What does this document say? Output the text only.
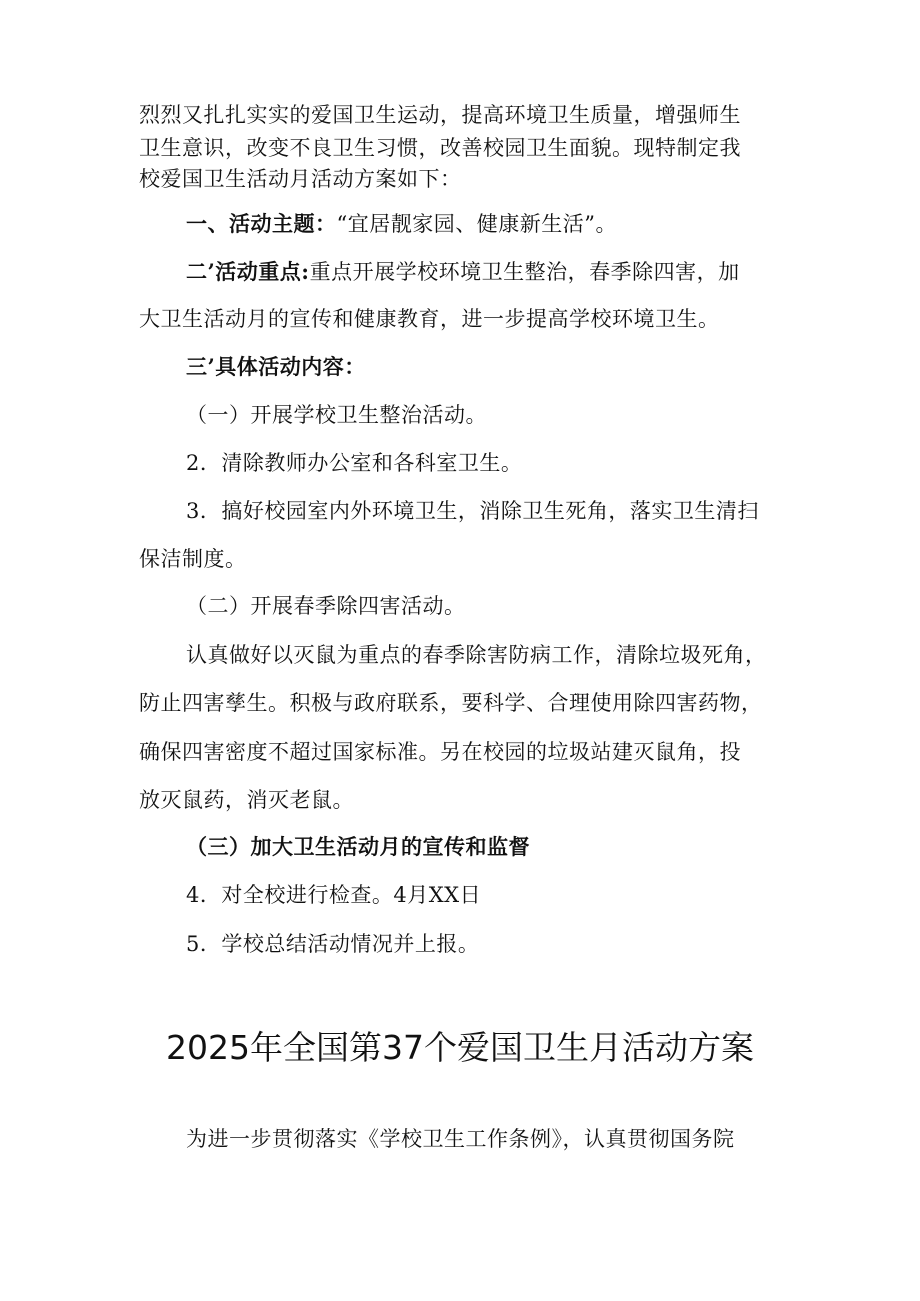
烈烈又扎扎实实的爱国卫生运动，提高环境卫生质量，增强师生
卫生意识，改变不良卫生习惯，改善校园卫生面貌。现特制定我
校爱国卫生活动月活动方案如下：
一、活动主题：“宜居靓家园、健康新生活”。
二’活动重点:重点开展学校环境卫生整治，春季除四害，加
大卫生活动月的宣传和健康教育，进一步提高学校环境卫生。
三’具体活动内容：
（一）开展学校卫生整治活动。
2．清除教师办公室和各科室卫生。
3．搞好校园室内外环境卫生，消除卫生死角，落实卫生清扫
保洁制度。
（二）开展春季除四害活动。
认真做好以灭鼠为重点的春季除害防病工作，清除垃圾死角，
防止四害孳生。积极与政府联系，要科学、合理使用除四害药物，
确保四害密度不超过国家标准。另在校园的垃圾站建灭鼠角，投
放灭鼠药，消灭老鼠。
（三）加大卫生活动月的宣传和监督
4．对全校进行检查。4月XX日
5．学校总结活动情况并上报。
2025年全国第37个爱国卫生月活动方案
为进一步贯彻落实《学校卫生工作条例》，认真贯彻国务院
